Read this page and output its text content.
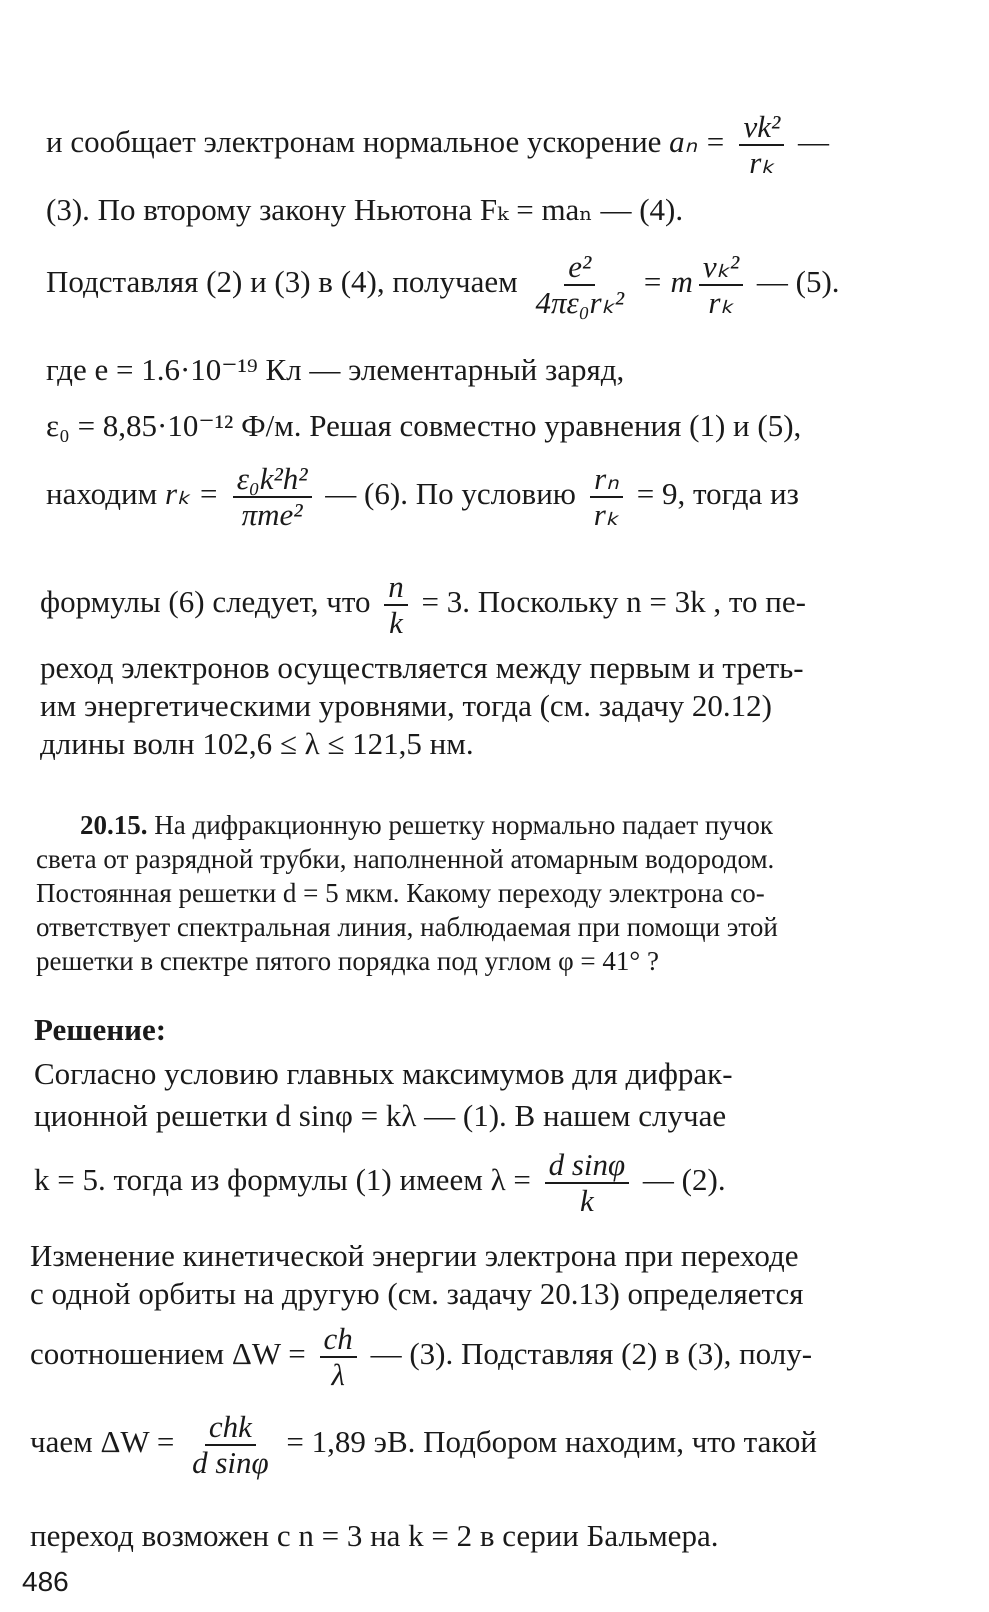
и сообщает электронам нормальное ускорение $a_n = \frac{\text{vk²}}{\text{rₖ}}$ —
(3). По второму закону Ньютона Fₖ = maₙ — (4).
Подставляя (2) и (3) в (4), получаем $\frac{\text{e²}}{\text{4πε₀rₖ²}} = m \frac{\text{vₖ²}}{\text{rₖ}}$ — (5).
где e = 1.6·10⁻¹⁹ Кл — элементарный заряд,
ε₀ = 8,85·10⁻¹² Ф/м. Решая совместно уравнения (1) и (5),
находим $r_k = \frac{\text{ε₀k²h²}}{\text{πme²}}$ — (6). По условию $\frac{\text{rₙ}}{\text{rₖ}} = 9$, тогда из
формулы (6) следует, что $\frac{n}{k} = 3$. Поскольку n = 3k , то пе-
реход электронов осуществляется между первым и треть-
им энергетическими уровнями, тогда (см. задачу 20.12)
длины волн 102,6 ≤ λ ≤ 121,5 нм.
20.15. На дифракционную решетку нормально падает пучок
света от разрядной трубки, наполненной атомарным водородом.
Постоянная решетки d = 5 мкм. Какому переходу электрона со-
ответствует спектральная линия, наблюдаемая при помощи этой
решетки в спектре пятого порядка под углом φ = 41° ?
Решение:
Согласно условию главных максимумов для дифрак-
ционной решетки d sinφ = kλ — (1). В нашем случае
k = 5. тогда из формулы (1) имеем $\lambda = \frac{\text{d sinφ}}{k}$ — (2).
Изменение кинетической энергии электрона при переходе
с одной орбиты на другую (см. задачу 20.13) определяется
соотношением $\Delta W = \frac{ch}{\lambda}$ — (3). Подставляя (2) в (3), полу-
чаем $\Delta W = \frac{\text{chk}}{\text{d sinφ}} = 1,89$ эВ. Подбором находим, что такой
переход возможен с n = 3 на k = 2 в серии Бальмера.
486
